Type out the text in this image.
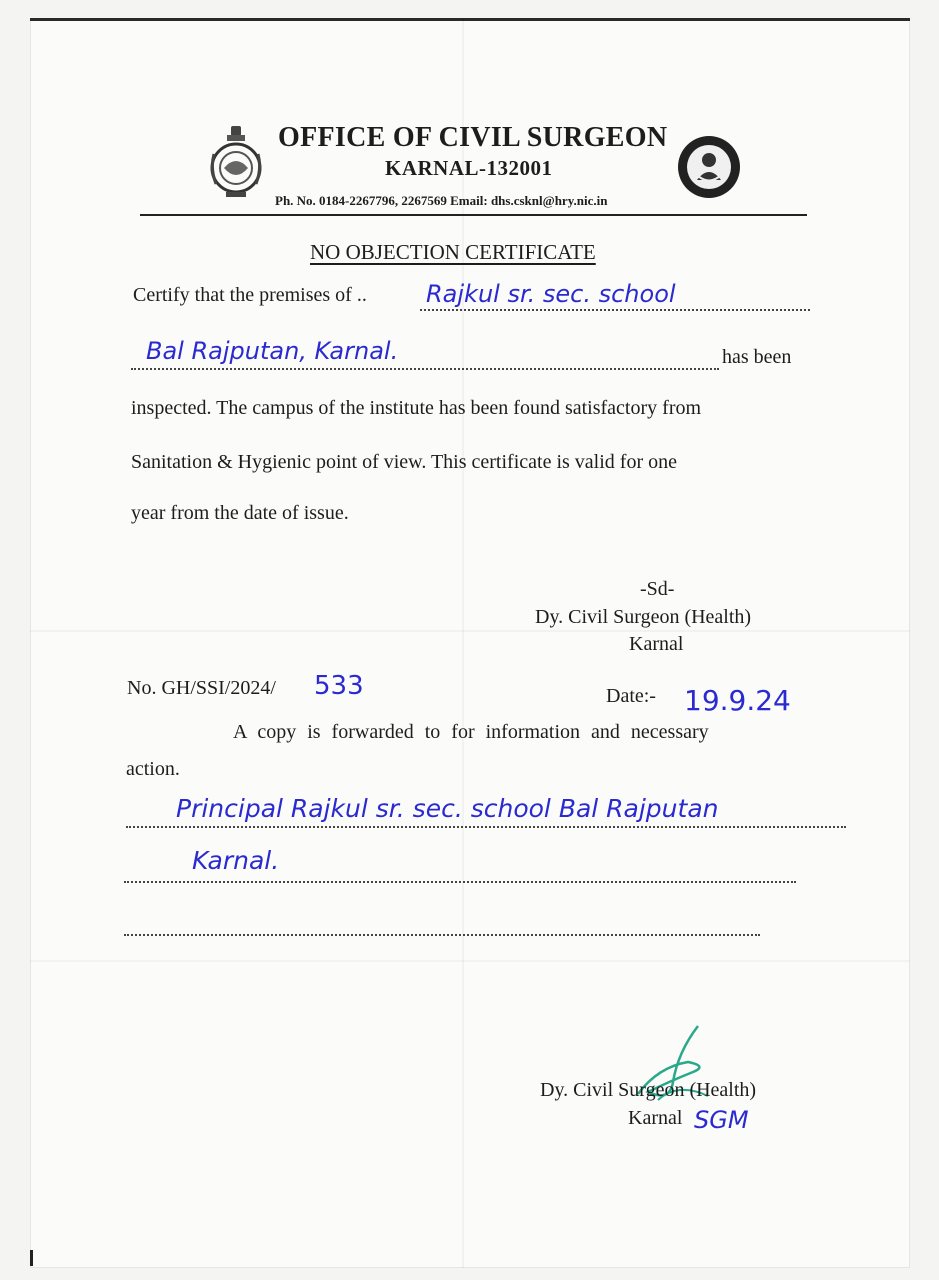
OFFICE OF CIVIL SURGEON
KARNAL-132001
Ph. No. 0184-2267796, 2267569 Email: dhs.csknl@hry.nic.in
NO OBJECTION CERTIFICATE
Certify that the premises of .. Rajkul sr. sec. school
Bal Rajputan, Karnal.	has been
inspected. The campus of the institute has been found satisfactory from
Sanitation & Hygienic point of view. This certificate is valid for one
year from the date of issue.
-Sd-
Dy. Civil Surgeon (Health)
Karnal
No. GH/SSI/2024/ 533	Date:- 19.9.24
A copy is forwarded to for information and necessary
action.
Principal Rajkul sr. sec. school Bal Rajputan
Karnal.
Dy. Civil Surgeon (Health)
Karnal SGM
